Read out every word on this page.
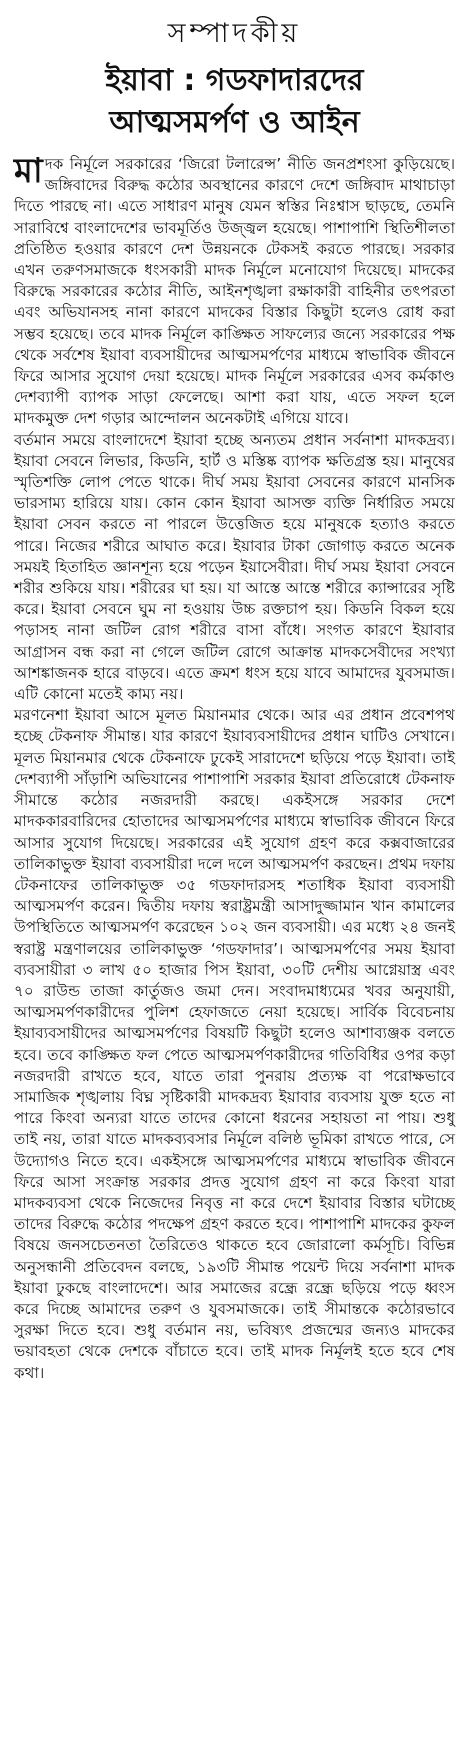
সম্পাদকীয়
ইয়াবা : গডফাদারদের
আত্মসমর্পণ ও আইন

মাদক নির্মূলে সরকারের ‘জিরো টলারেন্স’ নীতি জনপ্রশংসা কুড়িয়েছে। জঙ্গিবাদের বিরুদ্ধ কঠোর অবস্থানের কারণে দেশে জঙ্গিবাদ মাথাচাড়া দিতে পারছে না। এতে সাধারণ মানুষ যেমন স্বস্তির নিঃশ্বাস ছাড়ছে, তেমনি সারাবিশ্বে বাংলাদেশের ভাবমূর্তিও উজ্জ্বল হয়েছে। পাশাপাশি স্থিতিশীলতা প্রতিষ্ঠিত হওয়ার কারণে দেশ উন্নয়নকে টেকসই করতে পারছে। সরকার এখন তরুণসমাজকে ধংসকারী মাদক নির্মূলে মনোযোগ দিয়েছে। মাদকের বিরুদ্ধে সরকারের কঠোর নীতি, আইনশৃঙ্খলা রক্ষাকারী বাহিনীর তৎপরতা এবং অভিযানসহ নানা কারণে মাদকের বিস্তার কিছুটা হলেও রোধ করা সম্ভব হয়েছে। তবে মাদক নির্মূলে কাঙ্ক্ষিত সাফল্যের জন্যে সরকারের পক্ষ থেকে সর্বশেষ ইয়াবা ব্যবসায়ীদের আত্মসমর্পণের মাধ্যমে স্বাভাবিক জীবনে ফিরে আসার সুযোগ দেয়া হয়েছে। মাদক নির্মূলে সরকারের এসব কর্মকাণ্ড দেশব্যাপী ব্যাপক সাড়া ফেলেছে। আশা করা যায়, এতে সফল হলে মাদকমুক্ত দেশ গড়ার আন্দোলন অনেকটাই এগিয়ে যাবে।

বর্তমান সময়ে বাংলাদেশে ইয়াবা হচ্ছে অন্যতম প্রধান সর্বনাশা মাদকদ্রব্য। ইয়াবা সেবনে লিভার, কিডনি, হার্ট ও মস্তিষ্ক ব্যাপক ক্ষতিগ্রস্ত হয়। মানুষের স্মৃতিশক্তি লোপ পেতে থাকে। দীর্ঘ সময় ইয়াবা সেবনের কারণে মানসিক ভারসাম্য হারিয়ে যায়। কোন কোন ইয়াবা আসক্ত ব্যক্তি নির্ধারিত সময়ে ইয়াবা সেবন করতে না পারলে উত্তেজিত হয়ে মানুষকে হত্যাও করতে পারে। নিজের শরীরে আঘাত করে। ইয়াবার টাকা জোগাড় করতে অনেক সময়ই হিতাহিত জ্ঞানশূন্য হয়ে পড়েন ইয়াসেবীরা। দীর্ঘ সময় ইয়াবা সেবনে শরীর শুকিয়ে যায়। শরীরের ঘা হয়। যা আস্তে আস্তে শরীরে ক্যান্সারের সৃষ্টি করে। ইয়াবা সেবনে ঘুম না হওয়ায় উচ্চ রক্তচাপ হয়। কিডনি বিকল হয়ে পড়াসহ নানা জটিল রোগ শরীরে বাসা বাঁধে। সংগত কারণে ইয়াবার আগ্রাসন বন্ধ করা না গেলে জটিল রোগে আক্রান্ত মাদকসেবীদের সংখ্যা আশঙ্কাজনক হারে বাড়বে। এতে ক্রমশ ধংস হয়ে যাবে আমাদের যুবসমাজ। এটি কোনো মতেই কাম্য নয়।

মরণনেশা ইয়াবা আসে মূলত মিয়ানমার থেকে। আর এর প্রধান প্রবেশপথ হচ্ছে টেকনাফ সীমান্ত। যার কারণে ইয়াব্যবসায়ীদের প্রধান ঘাটিও সেখানে। মূলত মিয়ানমার থেকে টেকনাফে ঢুকেই সারাদেশে ছড়িয়ে পড়ে ইয়াবা। তাই দেশব্যাপী সাঁড়াশি অভিযানের পাশাপাশি সরকার ইয়াবা প্রতিরোধে টেকনাফ সীমান্তে কঠোর নজরদারী করছে। একইসঙ্গে সরকার দেশে মাদককারবারিদের হোতাদের আত্মসমর্পণের মাধ্যমে স্বাভাবিক জীবনে ফিরে আসার সুযোগ দিয়েছে। সরকারের এই সুযোগ গ্রহণ করে কক্সবাজারের তালিকাভুক্ত ইয়াবা ব্যবসায়ীরা দলে দলে আত্মসমর্পণ করছেন। প্রথম দফায় টেকনাফের তালিকাভুক্ত ৩৫ গডফাদারসহ শতাধিক ইয়াবা ব্যবসায়ী আত্মসমর্পণ করেন। দ্বিতীয় দফায় স্বরাষ্ট্রমন্ত্রী আসাদুজ্জামান খান কামালের উপস্থিতিতে আত্মসমর্পণ করেছেন ১০২ জন ব্যবসায়ী। এর মধ্যে ২৪ জনই স্বরাষ্ট্র মন্ত্রণালয়ের তালিকাভুক্ত ‘গডফাদার’। আত্মসমর্পণের সময় ইয়াবা ব্যবসায়ীরা ৩ লাখ ৫০ হাজার পিস ইয়াবা, ৩০টি দেশীয় আগ্নেয়াস্ত্র এবং ৭০ রাউন্ড তাজা কার্তুজও জমা দেন। সংবাদমাধ্যমের খবর অনুযায়ী, আত্মসমর্পণকারীদের পুলিশ হেফাজতে নেয়া হয়েছে। সার্বিক বিবেচনায় ইয়াব্যবসায়ীদের আত্মসমর্পণের বিষয়টি কিছুটা হলেও আশাব্যঞ্জক বলতে হবে। তবে কাঙ্ক্ষিত ফল পেতে আত্মসমর্পণকারীদের গতিবিধির ওপর কড়া নজরদারী রাখতে হবে, যাতে তারা পুনরায় প্রত্যক্ষ বা পরোক্ষভাবে সামাজিক শৃঙ্খলায় বিঘ্ন সৃষ্টিকারী মাদকদ্রব্য ইয়াবার ব্যবসায় যুক্ত হতে না পারে কিংবা অন্যরা যাতে তাদের কোনো ধরনের সহায়তা না পায়। শুধু তাই নয়, তারা যাতে মাদকব্যবসার নির্মূলে বলিষ্ঠ ভূমিকা রাখতে পারে, সে উদ্যোগও নিতে হবে। একইসঙ্গে আত্মসমর্পণের মাধ্যমে স্বাভাবিক জীবনে ফিরে আসা সংক্রান্ত সরকার প্রদত্ত সুযোগ গ্রহণ না করে কিংবা যারা মাদকব্যবসা থেকে নিজেদের নিবৃত্ত না করে দেশে ইয়াবার বিস্তার ঘটাচ্ছে তাদের বিরুদ্ধে কঠোর পদক্ষেপ গ্রহণ করতে হবে। পাশাপাশি মাদকের কুফল বিষয়ে জনসচেতনতা তৈরিতেও থাকতে হবে জোরালো কর্মসূচি। বিভিন্ন অনুসন্ধানী প্রতিবেদন বলছে, ১৯৩টি সীমান্ত পয়েন্ট দিয়ে সর্বনাশা মাদক ইয়াবা ঢুকছে বাংলাদেশে। আর সমাজের রন্ধ্রে রন্ধ্রে ছড়িয়ে পড়ে ধ্বংস করে দিচ্ছে আমাদের তরুণ ও যুবসমাজকে। তাই সীমান্তকে কঠোরভাবে সুরক্ষা দিতে হবে। শুধু বর্তমান নয়, ভবিষ্যৎ প্রজন্মের জন্যও মাদকের ভয়াবহতা থেকে দেশকে বাঁচাতে হবে। তাই মাদক নির্মূলই হতে হবে শেষ কথা।
